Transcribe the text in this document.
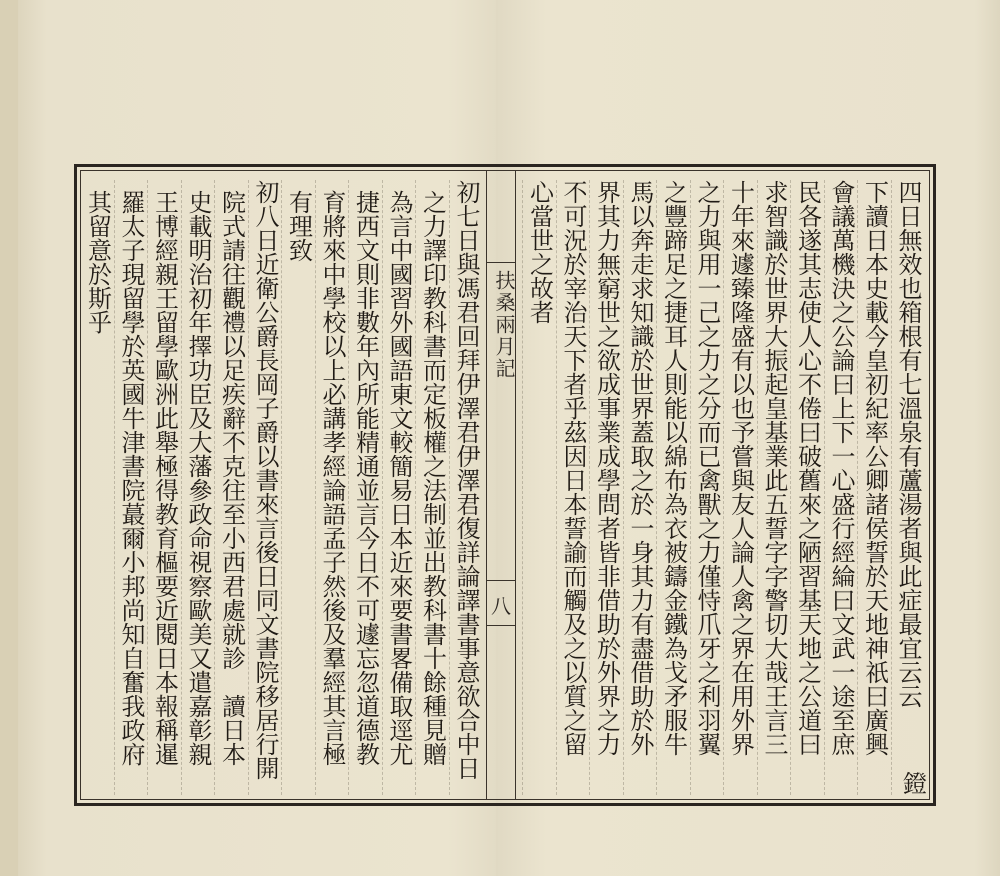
扶桑兩月記
八	四日無效也箱根有七溫泉有蘆湯者與此症最宜云云
鐙
下讀日本史載今皇初紀率公卿諸侯誓於天地神祇曰廣興
會議萬機決之公論曰上下一心盛行經綸曰文武一途至庶
民各遂其志使人心不倦曰破舊來之陋習基天地之公道曰
求智識於世界大振起皇基業此五誓字字警切大哉王言三
十年來遽臻隆盛有以也予嘗與友人論人禽之界在用外界
之力與用一己之力之分而已禽獸之力僅恃爪牙之利羽翼
之豐蹄足之捷耳人則能以綿布為衣被鑄金鐵為戈矛服牛
馬以奔走求知識於世界蓋取之於一身其力有盡借助於外
界其力無窮世之欲成事業成學問者皆非借助於外界之力
不可況於宰治天下者乎茲因日本誓諭而觸及之以質之留
心當世之故者
初七日與馮君回拜伊澤君伊澤君復詳論譯書事意欲合中日
之力譯印教科書而定板權之法制並出教科書十餘種見贈
為言中國習外國語東文較簡易日本近來要書畧備取逕尤
捷西文則非數年內所能精通並言今日不可遽忘忽道德教
育將來中學校以上必講孝經論語孟子然後及羣經其言極
有理致
初八日近衛公爵長岡子爵以書來言後日同文書院移居行開
院式請往觀禮以足疾辭不克往至小西君處就診　讀日本
史載明治初年擇功臣及大藩參政命視察歐美又遣嘉彰親
王博經親王留學歐洲此舉極得教育樞要近閱日本報稱暹
羅太子現留學於英國牛津書院蕞爾小邦尚知自奮我政府
其留意於斯乎
